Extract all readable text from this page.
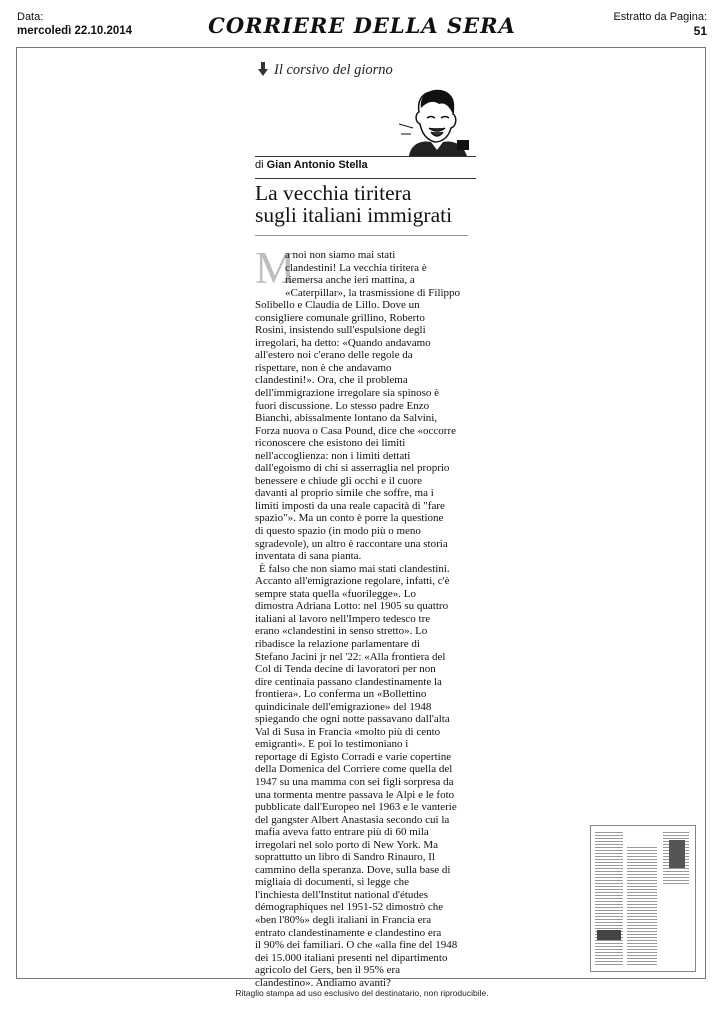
Data:
mercoledì 22.10.2014	CORRIERE DELLA SERA	Estratto da Pagina:
51
Il corsivo del giorno
di Gian Antonio Stella
La vecchia tiritera
sugli italiani immigrati
M
a noi non siamo mai stati
clandestini! La vecchia tiritera è
riemersa anche ieri mattina, a
«Caterpillar», la trasmissione di Filippo
Solibello e Claudia de Lillo. Dove un
consigliere comunale grillino, Roberto
Rosini, insistendo sull'espulsione degli
irregolari, ha detto: «Quando andavamo
all'estero noi c'erano delle regole da
rispettare, non è che andavamo
clandestini!». Ora, che il problema
dell'immigrazione irregolare sia spinoso è
fuori discussione. Lo stesso padre Enzo
Bianchi, abissalmente lontano da Salvini,
Forza nuova o Casa Pound, dice che «occorre
riconoscere che esistono dei limiti
nell'accoglienza: non i limiti dettati
dall'egoismo di chi si asserraglia nel proprio
benessere e chiude gli occhi e il cuore
davanti al proprio simile che soffre, ma i
limiti imposti da una reale capacità di "fare
spazio"». Ma un conto è porre la questione
di questo spazio (in modo più o meno
sgradevole), un altro è raccontare una storia
inventata di sana pianta.
È falso che non siamo mai stati clandestini.
Accanto all'emigrazione regolare, infatti, c'è
sempre stata quella «fuorilegge». Lo
dimostra Adriana Lotto: nel 1905 su quattro
italiani al lavoro nell'Impero tedesco tre
erano «clandestini in senso stretto». Lo
ribadisce la relazione parlamentare di
Stefano Jacini jr nel '22: «Alla frontiera del
Col di Tenda decine di lavoratori per non
dire centinaia passano clandestinamente la
frontiera». Lo conferma un «Bollettino
quindicinale dell'emigrazione» del 1948
spiegando che ogni notte passavano dall'alta
Val di Susa in Francia «molto più di cento
emigranti». E poi lo testimoniano i
reportage di Egisto Corradi e varie copertine
della Domenica del Corriere come quella del
1947 su una mamma con sei figli sorpresa da
una tormenta mentre passava le Alpi e le foto
pubblicate dall'Europeo nel 1963 e le vanterie
del gangster Albert Anastasia secondo cui la
mafia aveva fatto entrare più di 60 mila
irregolari nel solo porto di New York. Ma
soprattutto un libro di Sandro Rinauro, Il
cammino della speranza. Dove, sulla base di
migliaia di documenti, si legge che
l'inchiesta dell'Institut national d'études
démographiques nel 1951-52 dimostrò che
«ben l'80%» degli italiani in Francia era
entrato clandestinamente e clandestino era
il 90% dei familiari. O che «alla fine del 1948
dei 15.000 italiani presenti nel dipartimento
agricolo del Gers, ben il 95% era
clandestino». Andiamo avanti?
Ritaglio stampa ad uso esclusivo del destinatario, non riproducibile.
